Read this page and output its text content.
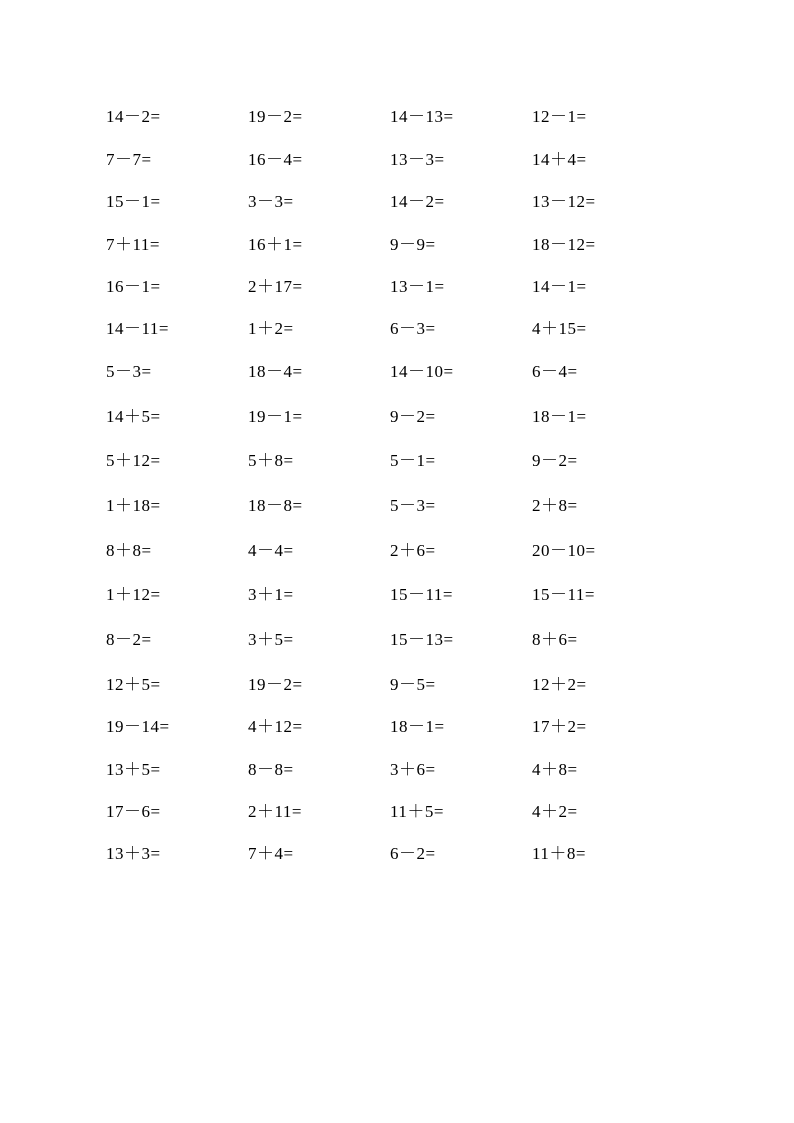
14－2=	19－2=	14－13=	12－1=
7－7=	16－4=	13－3=	14＋4=
15－1=	3－3=	14－2=	13－12=
7＋11=	16＋1=	9－9=	18－12=
16－1=	2＋17=	13－1=	14－1=
14－11=	1＋2=	6－3=	4＋15=
5－3=	18－4=	14－10=	6－4=
14＋5=	19－1=	9－2=	18－1=
5＋12=	5＋8=	5－1=	9－2=
1＋18=	18－8=	5－3=	2＋8=
8＋8=	4－4=	2＋6=	20－10=
1＋12=	3＋1=	15－11=	15－11=
8－2=	3＋5=	15－13=	8＋6=
12＋5=	19－2=	9－5=	12＋2=
19－14=	4＋12=	18－1=	17＋2=
13＋5=	8－8=	3＋6=	4＋8=
17－6=	2＋11=	11＋5=	4＋2=
13＋3=	7＋4=	6－2=	11＋8=
